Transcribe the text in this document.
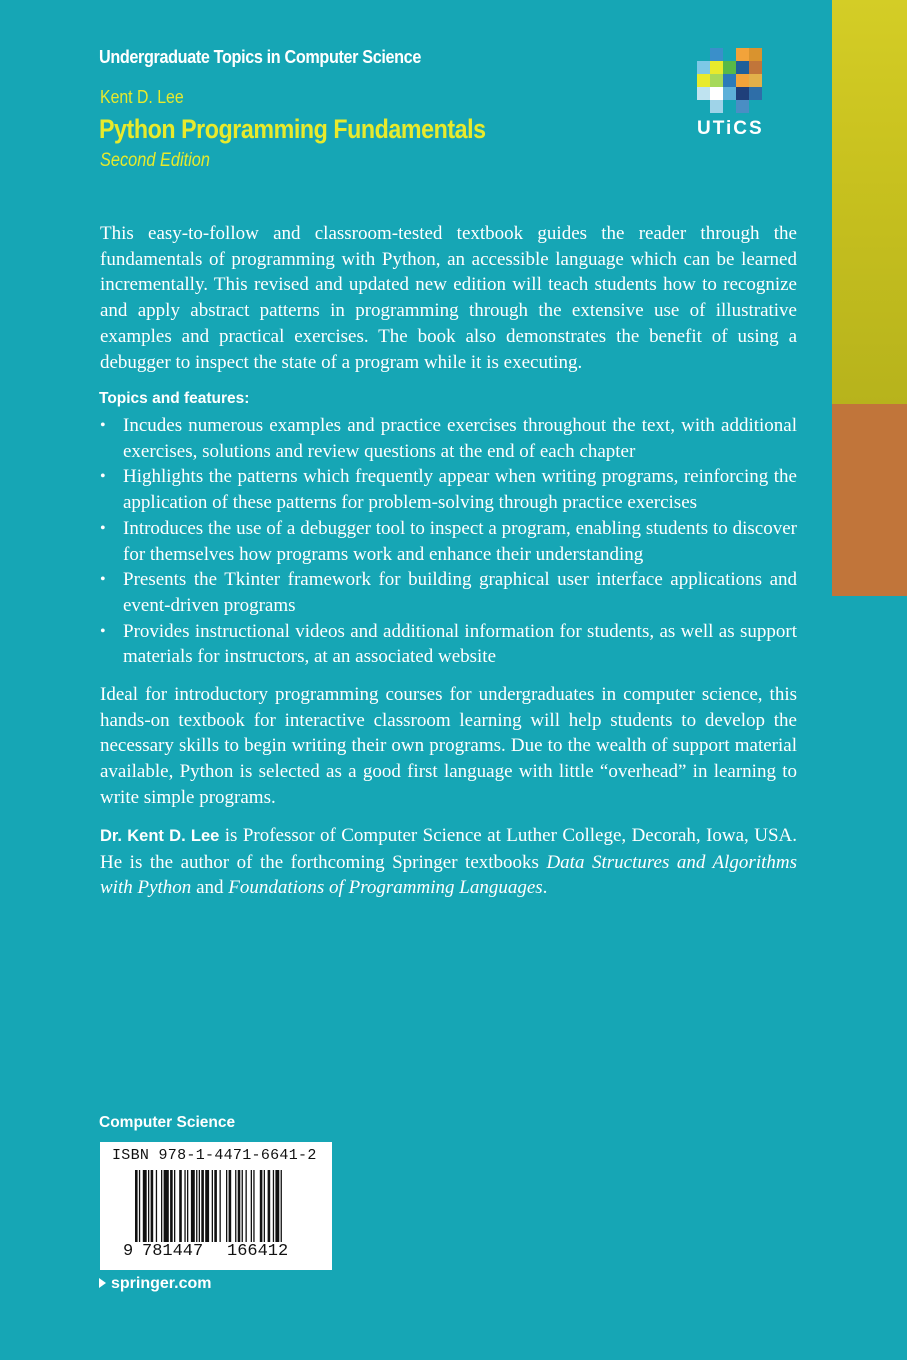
Undergraduate Topics in Computer Science
Kent D. Lee
Python Programming Fundamentals
Second Edition
UTiCS

This easy-to-follow and classroom-tested textbook guides the reader through the fundamentals of programming with Python, an accessible language which can be learned incrementally. This revised and updated new edition will teach students how to recognize and apply abstract patterns in programming through the extensive use of illustrative examples and practical exercises. The book also demonstrates the benefit of using a debugger to inspect the state of a program while it is executing.

Topics and features:
• Incudes numerous examples and practice exercises throughout the text, with additional exercises, solutions and review questions at the end of each chapter
• Highlights the patterns which frequently appear when writing programs, reinforcing the application of these patterns for problem-solving through practice exercises
• Introduces the use of a debugger tool to inspect a program, enabling students to discover for themselves how programs work and enhance their understanding
• Presents the Tkinter framework for building graphical user interface applications and event-driven programs
• Provides instructional videos and additional information for students, as well as support materials for instructors, at an associated website

Ideal for introductory programming courses for undergraduates in computer science, this hands-on textbook for interactive classroom learning will help students to develop the necessary skills to begin writing their own programs. Due to the wealth of support material available, Python is selected as a good first language with little “overhead” in learning to write simple programs.

Dr. Kent D. Lee is Professor of Computer Science at Luther College, Decorah, Iowa, USA. He is the author of the forthcoming Springer textbooks Data Structures and Algorithms with Python and Foundations of Programming Languages.

Computer Science
ISBN 978-1-4471-6641-2
9 781447 166412
springer.com
